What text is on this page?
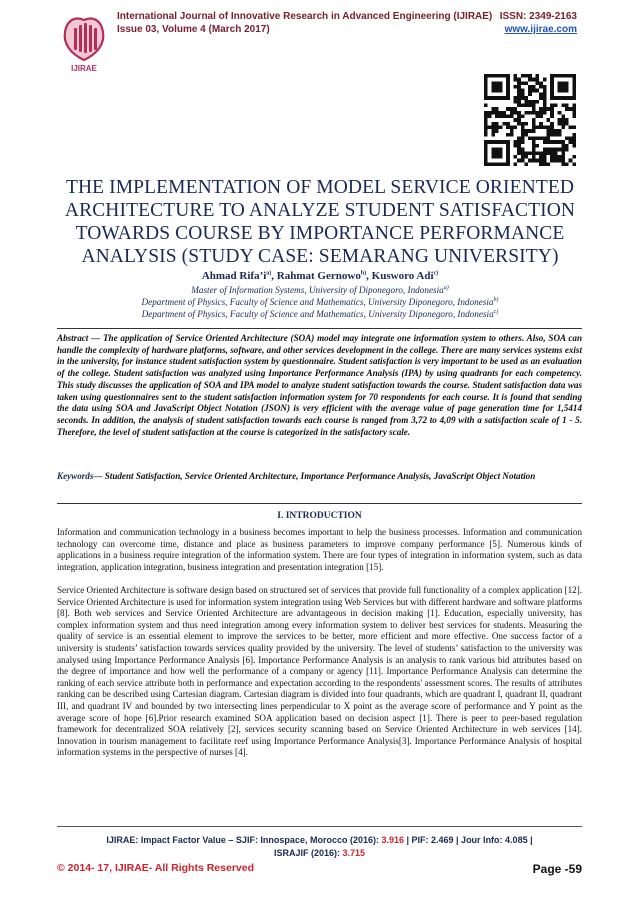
IJIRAE
International Journal of Innovative Research in Advanced Engineering (IJIRAE) ISSN: 2349-2163
Issue 03, Volume 4 (March 2017)	www.ijirae.com
THE IMPLEMENTATION OF MODEL SERVICE ORIENTED
ARCHITECTURE TO ANALYZE STUDENT SATISFACTION
TOWARDS COURSE BY IMPORTANCE PERFORMANCE
ANALYSIS (STUDY CASE: SEMARANG UNIVERSITY)
Ahmad $Rifa’i^{a)}$, Rahmat Gernowo$^{b)}$, Kusworo Adi$^{c)}$
Master of Information Systems, University of Diponegoro, Indonesia$^{a)}$
Department of Physics, Faculty of Science and Mathematics, University Diponegoro, Indonesia$^{b)}$
Department of Physics, Faculty of Science and Mathematics, University Diponegoro, Indonesia$^{c)}$
Abstract — The application of Service Oriented Architecture (SOA) model may integrate one information system to others. Also, SOA can handle the complexity of hardware platforms, software, and other services development in the college. There are many services systems exist in the university, for instance student satisfaction system by questionnaire. Student satisfaction is very important to be used as an evaluation of the college. Student satisfaction was analyzed using Importance Performance Analysis (IPA) by using quadrants for each competency. This study discusses the application of SOA and IPA model to analyze student satisfaction towards the course. Student satisfaction data was taken using questionnaires sent to the student satisfaction information system for 70 respondents for each course. It is found that sending the data using SOA and JavaScript Object Notation (JSON) is very efficient with the average value of page generation time for 1,5414 seconds. In addition, the analysis of student satisfaction towards each course is ranged from 3,72 to 4,09 with a satisfaction scale of 1 - 5. Therefore, the level of student satisfaction at the course is categorized in the satisfactory scale.
Keywords— Student Satisfaction, Service Oriented Architecture, Importance Performance Analysis, JavaScript Object Notation
I. INTRODUCTION
Information and communication technology in a business becomes important to help the business processes. Information and communication technology can overcome time, distance and place as business parameters to improve company performance [5]. Numerous kinds of applications in a business require integration of the information system. There are four types of integration in information system, such as data integration, application integration, business integration and presentation integration [15].
Service Oriented Architecture is software design based on structured set of services that provide full functionality of a complex application [12]. Service Oriented Architecture is used for information system integration using Web Services but with different hardware and software platforms [8]. Both web services and Service Oriented Architecture are advantageous in decision making [1]. Education, especially university, has complex information system and thus need integration among every information system to deliver best services for students. Measuring the quality of service is an essential element to improve the services to be better, more efficient and more effective. One success factor of a university is students’ satisfaction towards services quality provided by the university. The level of students’ satisfaction to the university was analysed using Importance Performance Analysis [6]. Importance Performance Analysis is an analysis to rank various bid attributes based on the degree of importance and how well the performance of a company or agency [11]. Importance Performance Analysis can determine the ranking of each service attribute both in performance and expectation according to the respondents' assessment scores. The results of attributes ranking can be described using Cartesian diagram. Cartesian diagram is divided into four quadrants, which are quadrant I, quadrant II, quadrant III, and quadrant IV and bounded by two intersecting lines perpendicular to X point as the average score of performance and Y point as the average score of hope [6].Prior research examined SOA application based on decision aspect [1]. There is peer to peer-based regulation framework for decentralized SOA relatively [2], services security scanning based on Service Oriented Architecture in web services [14]. Innovation in tourism management to facilitate reef using Importance Performance Analysis[3]. Importance Performance Analysis of hospital information systems in the perspective of nurses [4].
IJIRAE: Impact Factor Value – SJIF: Innospace, Morocco (2016): 3.916 | PIF: 2.469 | Jour Info: 4.085 |
ISRAJIF (2016): 3.715
© 2014- 17, IJIRAE- All Rights Reserved	Page -59
